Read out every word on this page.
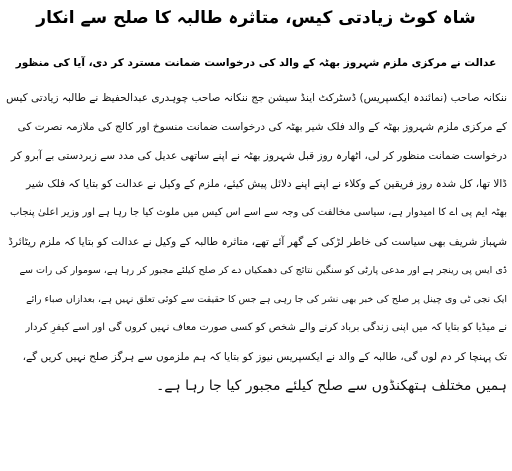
شاہ کوٹ زیادتی کیس، متاثرہ طالبہ کا صلح سے انکار
عدالت نے مرکزی ملزم شہروز بھٹہ کے والد کی درخواست ضمانت مسترد کر دی، آیا کی منظور
ننکانہ صاحب (نمائندہ ایکسپریس) ڈسٹرکٹ اینڈ سیشن جج ننکانہ صاحب چوہدری عبدالحفیظ نے طالبہ زیادتی کیس
کے مرکزی ملزم شہروز بھٹہ کے والد فلک شیر بھٹہ کی درخواست ضمانت منسوخ اور کالج کی ملازمہ نصرت کی
درخواست ضمانت منظور کر لی، اٹھارہ روز قبل شہروز بھٹہ نے اپنے ساتھی عدیل کی مدد سے زبردستی بے آبرو کر
ڈالا تھا، کل شدہ روز فریقین کے وکلاء نے اپنے اپنے دلائل پیش کیئے، ملزم کے وکیل نے عدالت کو بتایا کہ فلک شیر
بھٹہ ایم پی اے کا امیدوار ہے، سیاسی مخالفت کی وجہ سے اسے اس کیس میں ملوث کیا جا رہا ہے اور وزیر اعلیٰ پنجاب
شہباز شریف بھی سیاست کی خاطر لڑکی کے گھر آئے تھے، متاثرہ طالبہ کے وکیل نے عدالت کو بتایا کہ ملزم ریٹائرڈ
ڈی ایس پی رینجر ہے اور مدعی پارٹی کو سنگین نتائج کی دھمکیاں دے کر صلح کیلئے مجبور کر رہا ہے، سوموار کی رات سے
ایک نجی ٹی وی چینل پر صلح کی خبر بھی نشر کی جا رہی ہے جس کا حقیقت سے کوئی تعلق نہیں ہے، بعدازاں صباء رائے
نے میڈیا کو بتایا کہ میں اپنی زندگی برباد کرنے والے شخص کو کسی صورت معاف نہیں کروں گی اور اسے کیفرِ کردار
تک پہنچا کر دم لوں گی، طالبہ کے والد نے ایکسپریس نیوز کو بتایا کہ ہم ملزموں سے ہرگز صلح نہیں کریں گے،
ہمیں مختلف ہتھکنڈوں سے صلح کیلئے مجبور کیا جا رہا ہے۔
